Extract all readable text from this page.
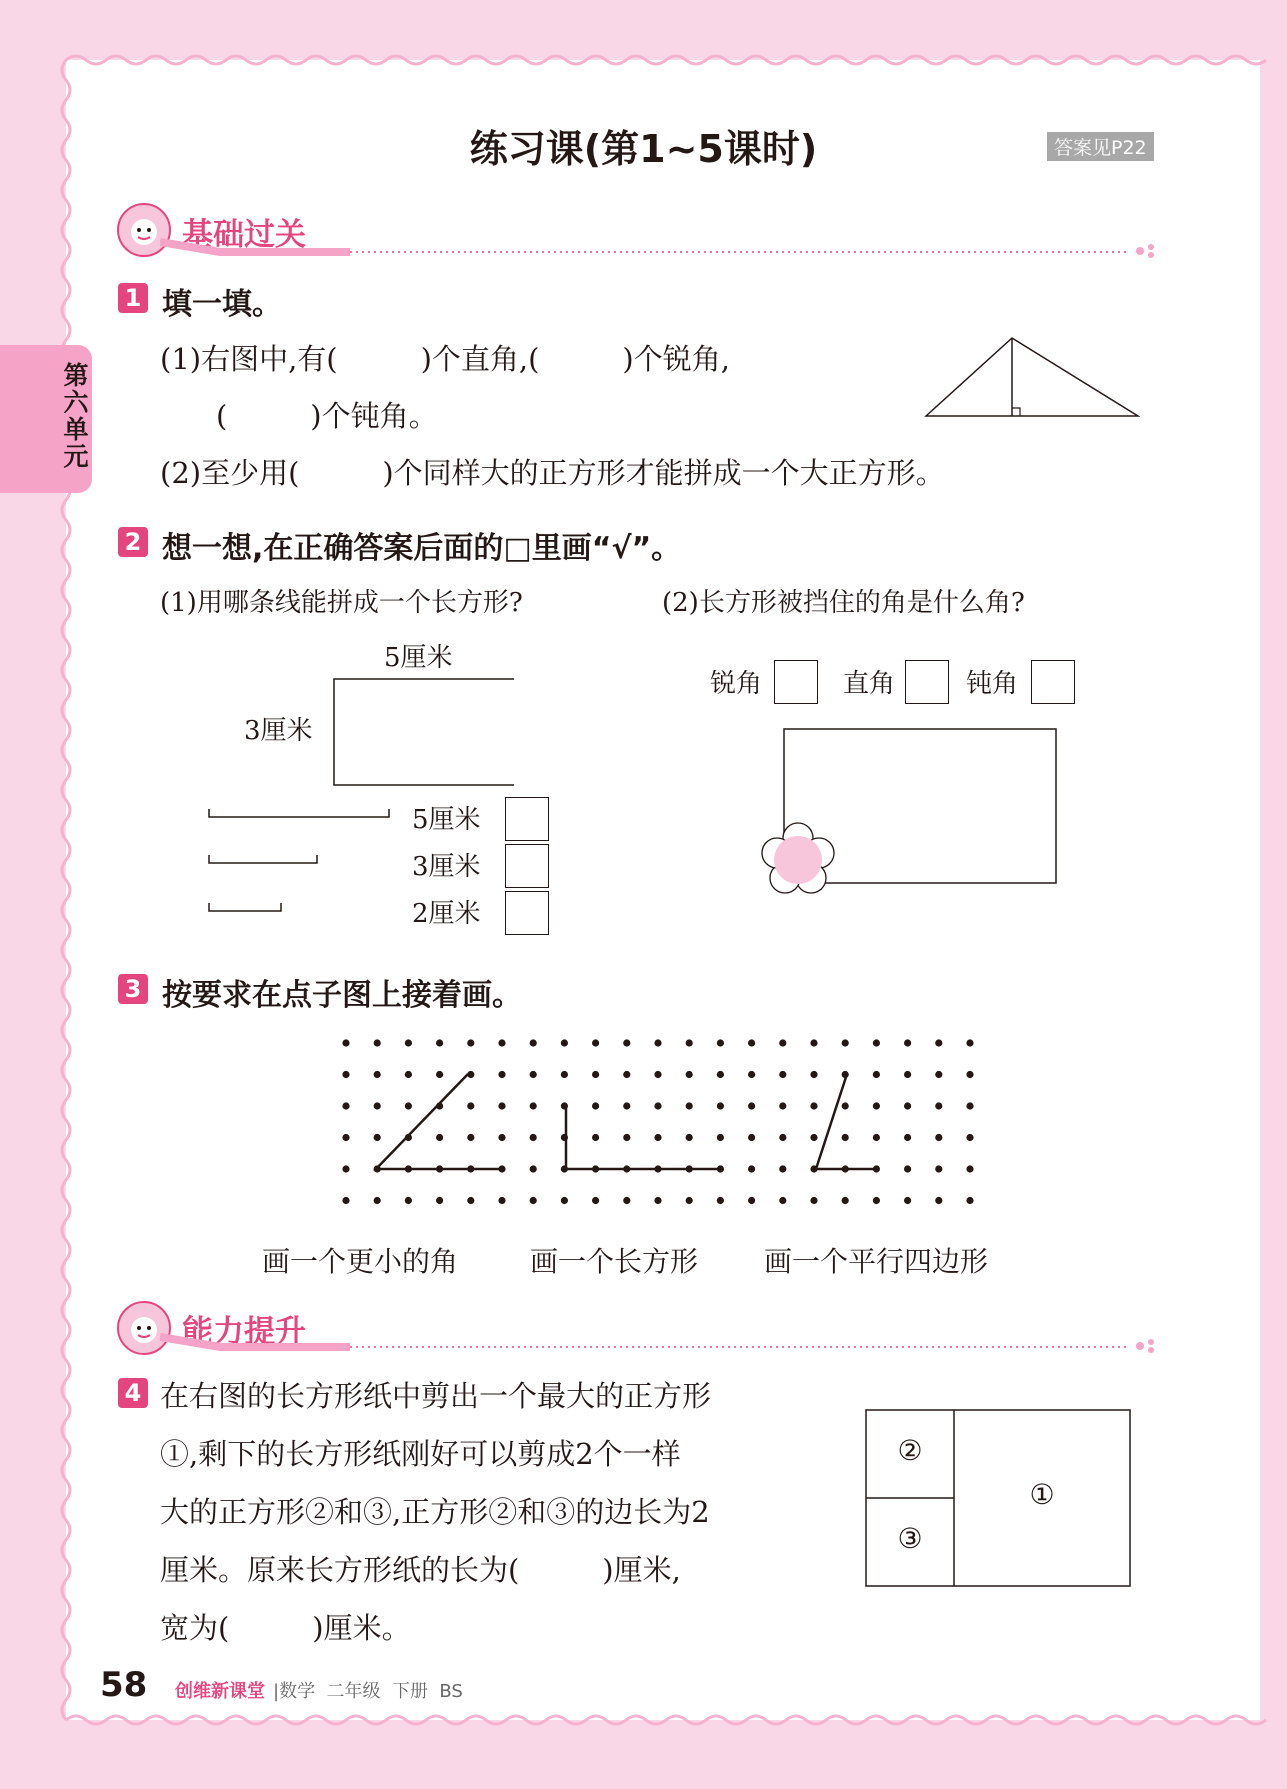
练习课(第1~5课时)	答案见P22
第六单元
基础过关
1 填一填。
(1)右图中,有(         )个直角,(         )个锐角,
(         )个钝角。
(2)至少用(         )个同样大的正方形才能拼成一个大正方形。
2 想一想,在正确答案后面的□里画“√”。
(1)用哪条线能拼成一个长方形?	(2)长方形被挡住的角是什么角?
5厘米
3厘米
5厘米
3厘米
2厘米
锐角	直角	钝角
3 按要求在点子图上接着画。
画一个更小的角	画一个长方形 画一个平行四边形
能力提升
4 在右图的长方形纸中剪出一个最大的正方形
①,剩下的长方形纸刚好可以剪成2个一样
大的正方形②和③,正方形②和③的边长为2
厘米。原来长方形纸的长为(         )厘米,
宽为(         )厘米。
②
③
①
58 创维新课堂 |数学  二年级  下册  BS
